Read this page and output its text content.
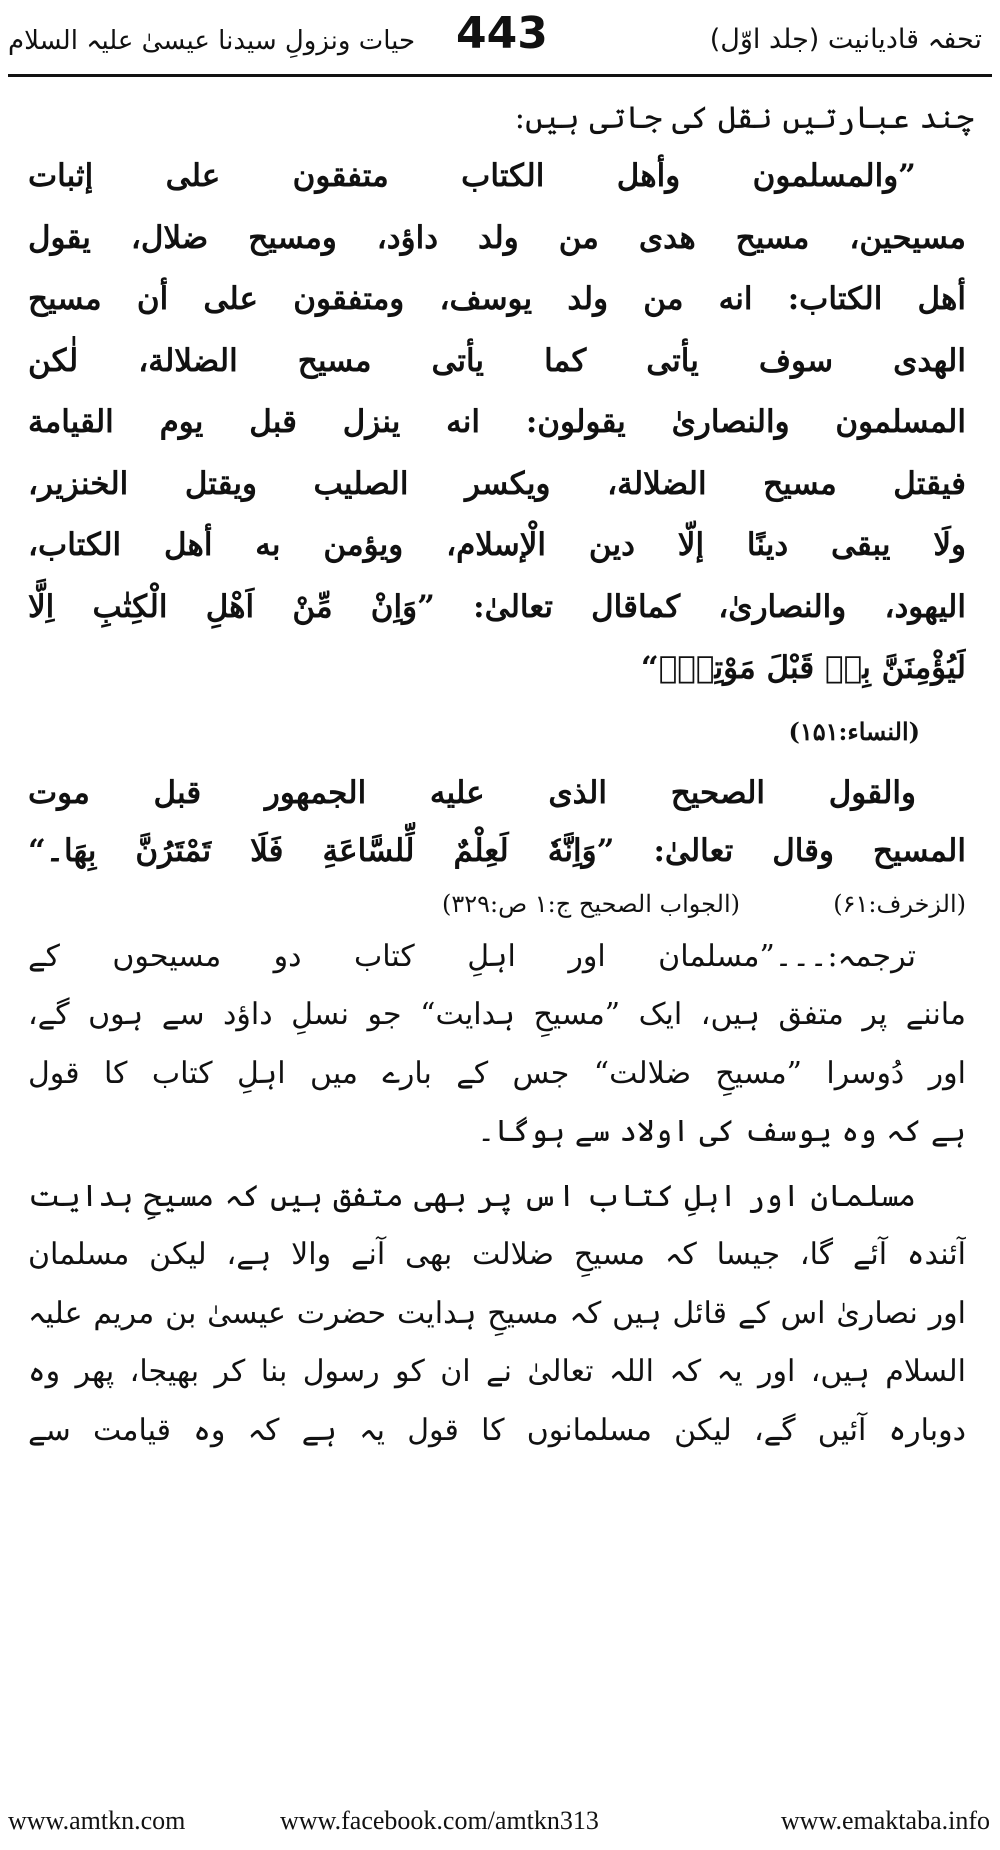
تحفہ قادیانیت (جلد اوّل)
443
حیات ونزولِ سیدنا عیسیٰ علیہ السلام
چند عبارتیں نقل کی جاتی ہیں:
”والمسلمون وأهل الكتاب متفقون على إثبات
مسيحين، مسيح هدى من ولد داؤد، ومسيح ضلال، يقول
أهل الكتاب: انه من ولد يوسف، ومتفقون على أن مسيح
الهدى سوف يأتى كما يأتى مسيح الضلالة، لٰكن
المسلمون والنصارىٰ يقولون: انه ينزل قبل يوم القيامة
فيقتل مسيح الضلالة، ويكسر الصليب ويقتل الخنزير،
ولَا يبقى دينًا إلّا دين الْإسلام، ويؤمن به أهل الكتاب،
اليهود، والنصارىٰ، كماقال تعالىٰ: ”وَاِنْ مِّنْ اَهْلِ الْكِتٰبِ اِلَّا
لَيُؤْمِنَنَّ بِهٖ قَبْلَ مَوْتِهٖ۔“
(النساء:۱۵۱)
والقول الصحيح الذى عليه الجمهور قبل موت
المسيح وقال تعالىٰ: ”وَاِنَّهٗ لَعِلْمٌ لِّلسَّاعَةِ فَلَا تَمْتَرُنَّ بِهَا۔“
(الزخرف:۶۱)
(الجواب الصحیح ج:۱ ص:۳۲۹)
ترجمہ:۔۔۔”مسلمان اور اہلِ کتاب دو مسیحوں کے
ماننے پر متفق ہیں، ایک ”مسیحِ ہدایت“ جو نسلِ داؤد سے ہوں گے،
اور دُوسرا ”مسیحِ ضلالت“ جس کے بارے میں اہلِ کتاب کا قول
ہے کہ وہ یوسف کی اولاد سے ہوگا۔
مسلمان اور اہلِ کتاب اس پر بھی متفق ہیں کہ مسیحِ ہدایت
آئندہ آئے گا، جیسا کہ مسیحِ ضلالت بھی آنے والا ہے، لیکن مسلمان
اور نصاریٰ اس کے قائل ہیں کہ مسیحِ ہدایت حضرت عیسیٰ بن مریم علیہ
السلام ہیں، اور یہ کہ اللہ تعالیٰ نے ان کو رسول بنا کر بھیجا، پھر وہ
دوبارہ آئیں گے، لیکن مسلمانوں کا قول یہ ہے کہ وہ قیامت سے
www.amtkn.com	www.facebook.com/amtkn313	www.emaktaba.info
